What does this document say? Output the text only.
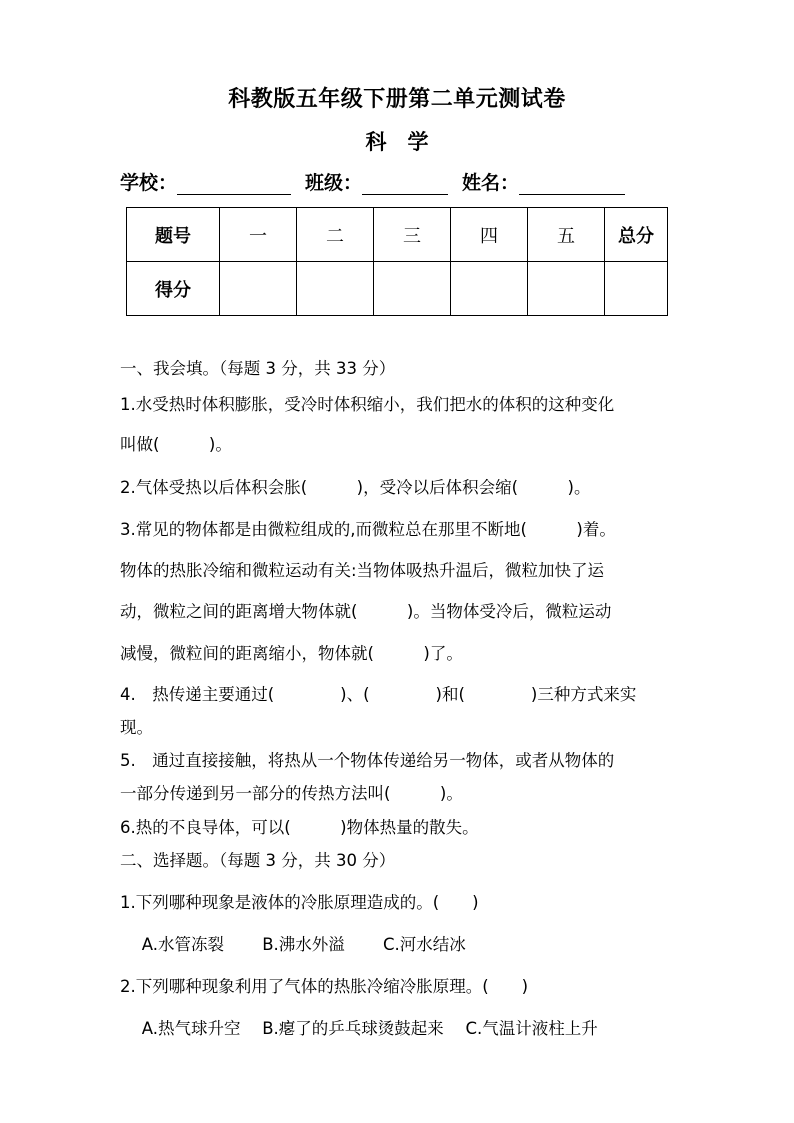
科教版五年级下册第二单元测试卷
科　学
学校：	班级：	姓名：
题号	一	二	三	四	五	总分
得分						
一、我会填。（每题 3 分，共 33 分）
1.水受热时体积膨胀，受冷时体积缩小，我们把水的体积的这种变化
叫做(　　　)。
2.气体受热以后体积会胀(　　　)，受冷以后体积会缩(　　　)。
3.常见的物体都是由微粒组成的,而微粒总在那里不断地(　　　)着。
物体的热胀冷缩和微粒运动有关:当物体吸热升温后，微粒加快了运
动，微粒之间的距离增大物体就(　　　)。当物体受冷后，微粒运动
减慢，微粒间的距离缩小，物体就(　　　)了。
4.　热传递主要通过(　　　　)、(　　　　)和(　　　　)三种方式来实
现。
5.　通过直接接触，将热从一个物体传递给另一物体，或者从物体的
一部分传递到另一部分的传热方法叫(　　　)。
6.热的不良导体，可以(　　　)物体热量的散失。
二、选择题。（每题 3 分，共 30 分）
1.下列哪种现象是液体的冷胀原理造成的。(　　)
　 A.水管冻裂　　 B.沸水外溢　　 C.河水结冰
2.下列哪种现象利用了气体的热胀冷缩冷胀原理。(　　)
　 A.热气球升空　 B.瘪了的乒乓球烫鼓起来　 C.气温计液柱上升
